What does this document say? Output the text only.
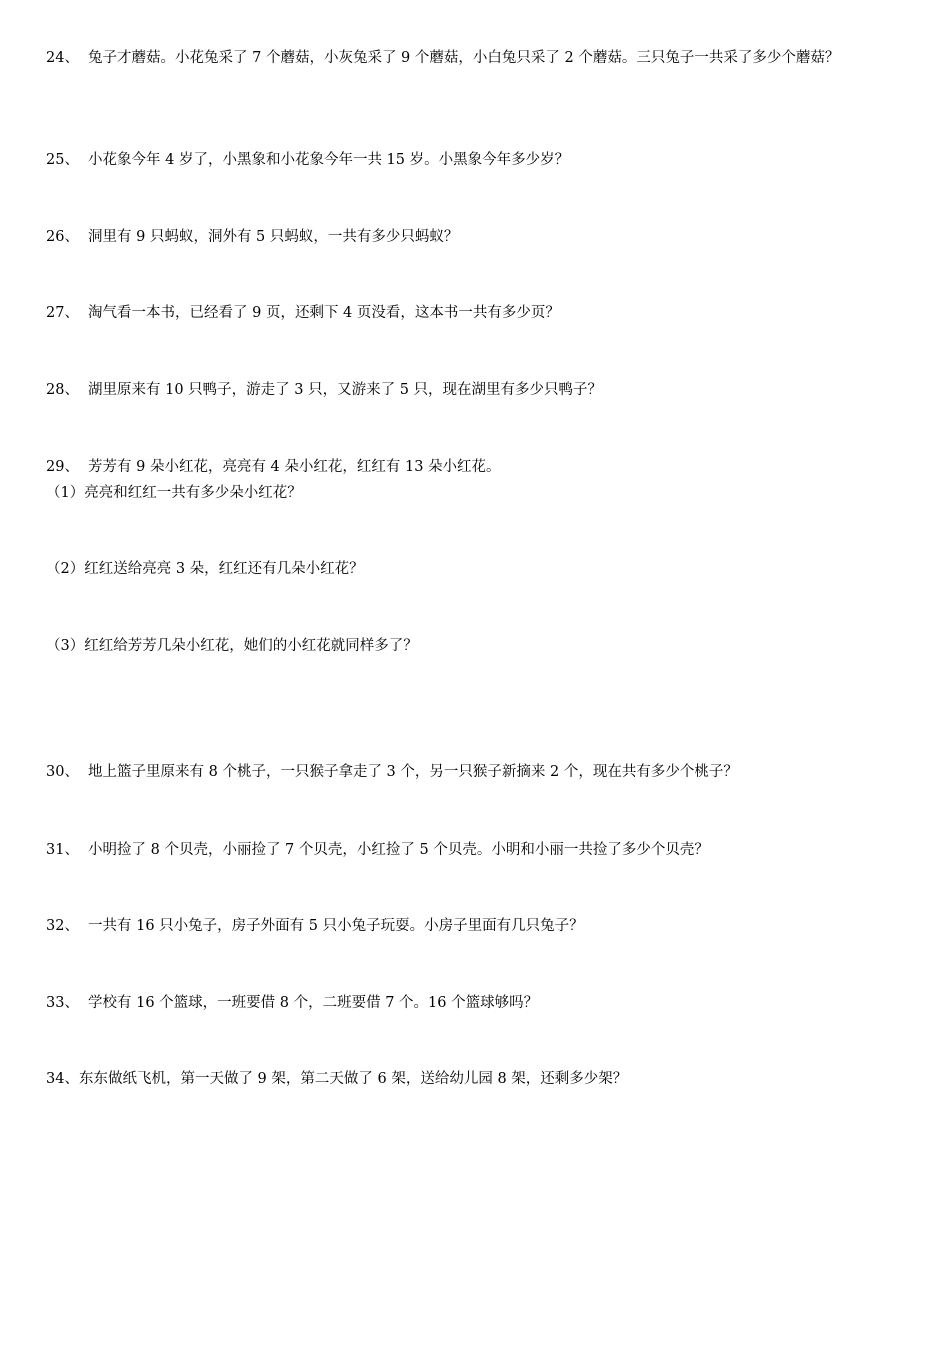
24、 兔子才蘑菇。小花兔采了 7 个蘑菇，小灰兔采了 9 个蘑菇，小白兔只采了 2 个蘑菇。三只兔子一共采了多少个蘑菇？
25、 小花象今年 4 岁了，小黑象和小花象今年一共 15 岁。小黑象今年多少岁？
26、 洞里有 9 只蚂蚁，洞外有 5 只蚂蚁，一共有多少只蚂蚁？
27、 淘气看一本书，已经看了 9 页，还剩下 4 页没看，这本书一共有多少页？
28、 湖里原来有 10 只鸭子，游走了 3 只，又游来了 5 只，现在湖里有多少只鸭子？
29、 芳芳有 9 朵小红花，亮亮有 4 朵小红花，红红有 13 朵小红花。
（1）亮亮和红红一共有多少朵小红花？
（2）红红送给亮亮 3 朵，红红还有几朵小红花？
（3）红红给芳芳几朵小红花，她们的小红花就同样多了？
30、 地上篮子里原来有 8 个桃子，一只猴子拿走了 3 个，另一只猴子新摘来 2 个，现在共有多少个桃子？
31、 小明捡了 8 个贝壳，小丽捡了 7 个贝壳，小红捡了 5 个贝壳。小明和小丽一共捡了多少个贝壳？
32、 一共有 16 只小兔子，房子外面有 5 只小兔子玩耍。小房子里面有几只兔子？
33、 学校有 16 个篮球，一班要借 8 个，二班要借 7 个。16 个篮球够吗？
34、东东做纸飞机，第一天做了 9 架，第二天做了 6 架，送给幼儿园 8 架，还剩多少架？
